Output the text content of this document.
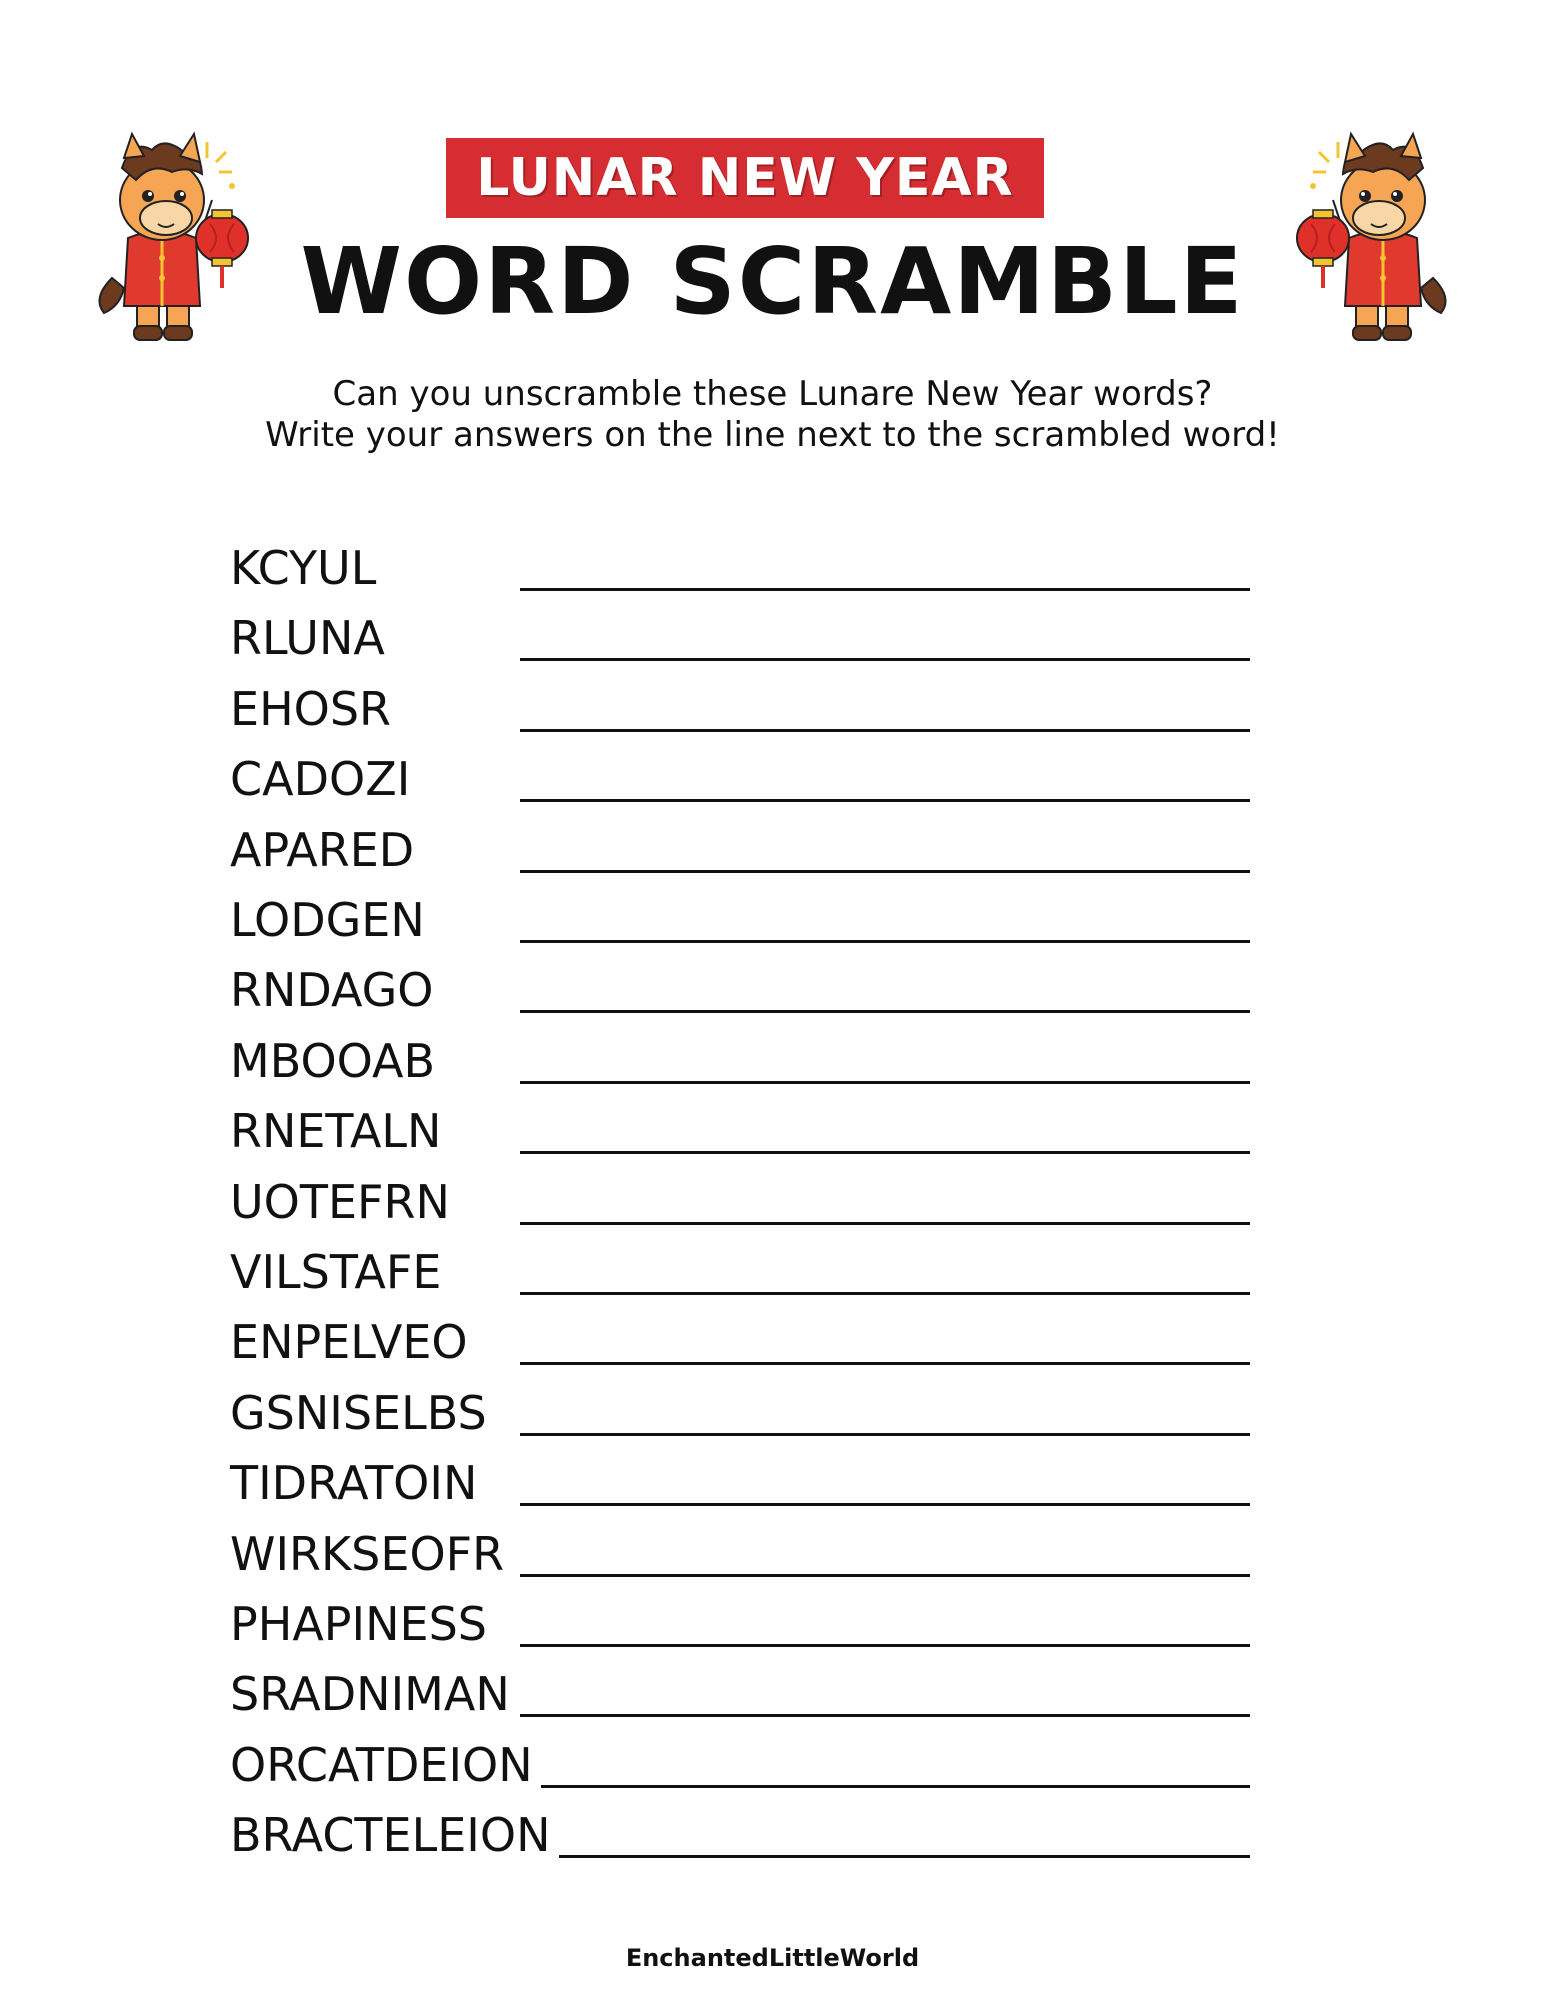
LUNAR NEW YEAR
WORD SCRAMBLE
Can you unscramble these Lunare New Year words?
Write your answers on the line next to the scrambled word!
KCYUL
RLUNA
EHOSR
CADOZI
APARED
LODGEN
RNDAGO
MBOOAB
RNETALN
UOTEFRN
VILSTAFE
ENPELVEO
GSNISELBS
TIDRATOIN
WIRKSEOFR
PHAPINESS
SRADNIMAN
ORCATDEION
BRACTELEION
EnchantedLittleWorld
